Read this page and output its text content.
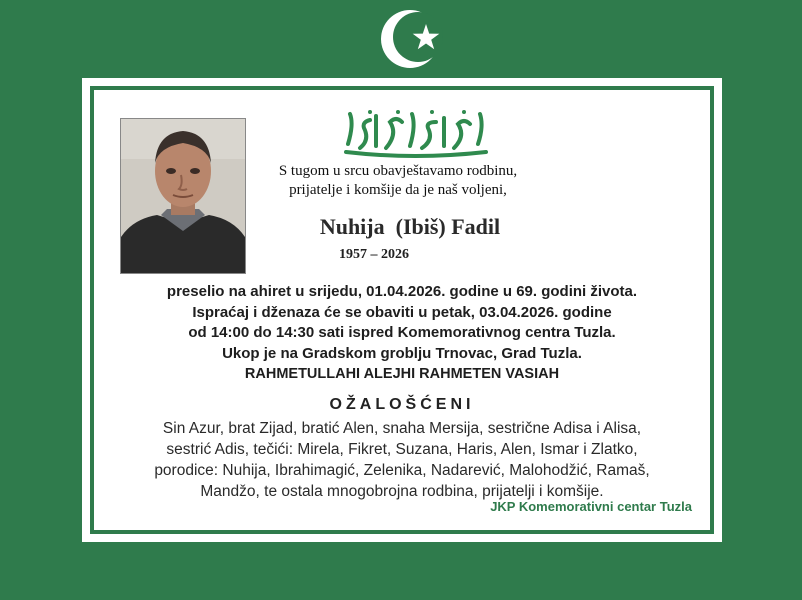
S tugom u srcu obavještavamo rodbinu,
prijatelje i komšije da je naš voljeni,
Nuhija  (Ibiš) Fadil
1957 – 2026
preselio na ahiret u srijedu, 01.04.2026. godine u 69. godini života.
Ispraćaj i dženaza će se obaviti u petak, 03.04.2026. godine
od 14:00 do 14:30 sati ispred Komemorativnog centra Tuzla.
Ukop je na Gradskom groblju Trnovac, Grad Tuzla.
RAHMETULLAHI ALEJHI RAHMETEN VASIAH
OŽALOŠĆENI
Sin Azur, brat Zijad, bratić Alen, snaha Mersija, sestrične Adisa i Alisa,
sestrić Adis, tečići: Mirela, Fikret, Suzana, Haris, Alen, Ismar i Zlatko,
porodice: Nuhija, Ibrahimagić, Zelenika, Nadarević, Malohodžić, Ramaš,
Mandžo, te ostala mnogobrojna rodbina, prijatelji i komšije.
JKP Komemorativni centar Tuzla
